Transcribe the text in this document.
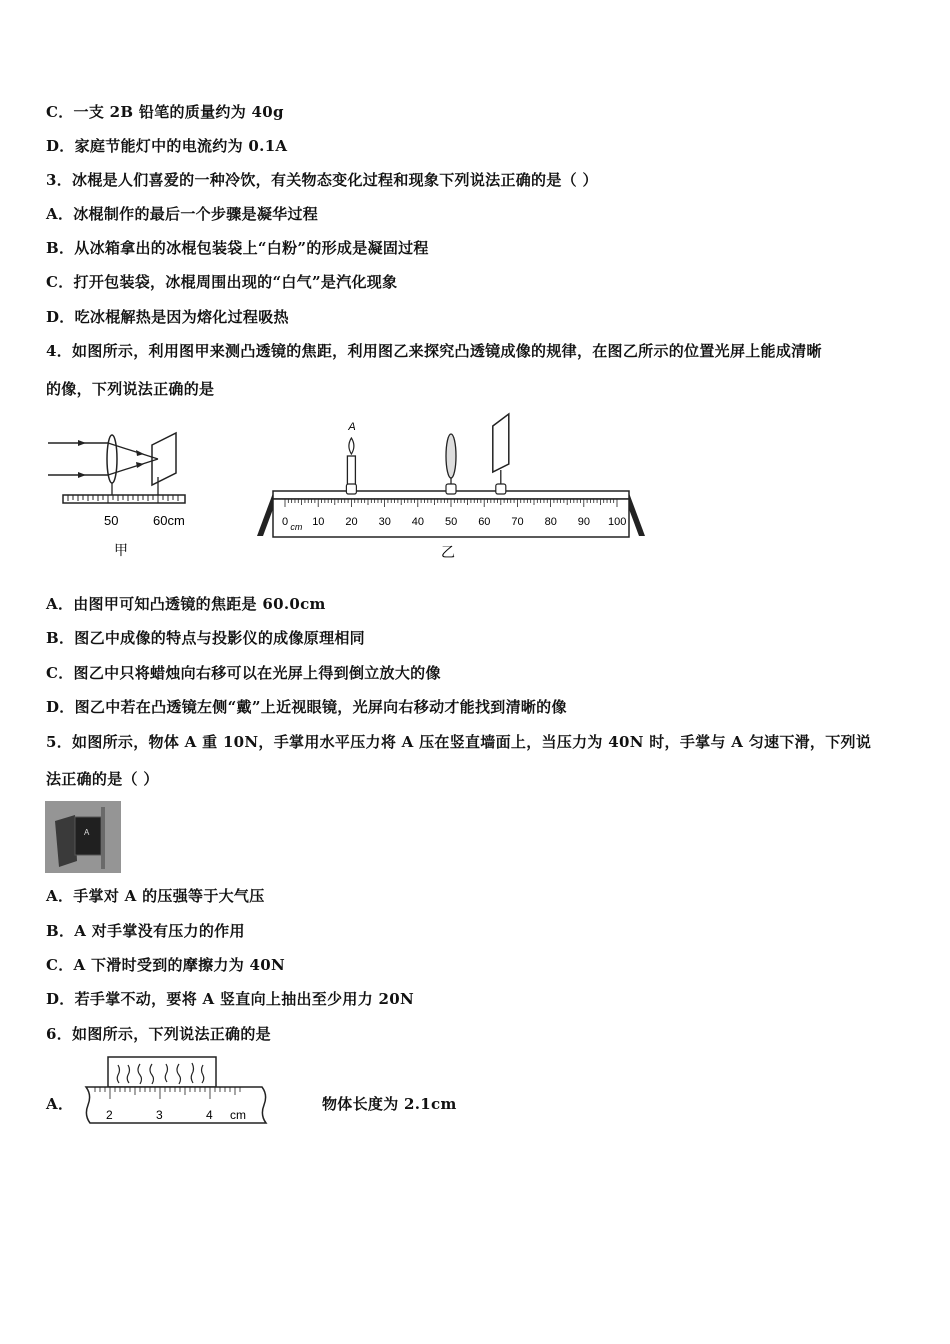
C．一支 2B 铅笔的质量约为 40g
D．家庭节能灯中的电流约为 0.1A
3．冰棍是人们喜爱的一种冷饮，有关物态变化过程和现象下列说法正确的是（ ）
A．冰棍制作的最后一个步骤是凝华过程
B．从冰箱拿出的冰棍包装袋上“白粉”的形成是凝固过程
C．打开包装袋，冰棍周围出现的“白气”是汽化现象
D．吃冰棍解热是因为熔化过程吸热
4．如图所示，利用图甲来测凸透镜的焦距，利用图乙来探究凸透镜成像的规律，在图乙所示的位置光屏上能成清晰
的像，下列说法正确的是
50	60cm
甲
0 10 20 30 40 50 60 70 80 90 100
cm
A
乙
A．由图甲可知凸透镜的焦距是 60.0cm
B．图乙中成像的特点与投影仪的成像原理相同
C．图乙中只将蜡烛向右移可以在光屏上得到倒立放大的像
D．图乙中若在凸透镜左侧“戴”上近视眼镜，光屏向右移动才能找到清晰的像
5．如图所示，物体 A 重 10N，手掌用水平压力将 A 压在竖直墙面上，当压力为 40N 时，手掌与 A 匀速下滑，下列说
法正确的是（ ）
A
A．手掌对 A 的压强等于大气压
B．A 对手掌没有压力的作用
C．A 下滑时受到的摩擦力为 40N
D．若手掌不动，要将 A 竖直向上抽出至少用力 20N
6．如图所示，下列说法正确的是
A．
2	3	4 cm
物体长度为 2.1cm
